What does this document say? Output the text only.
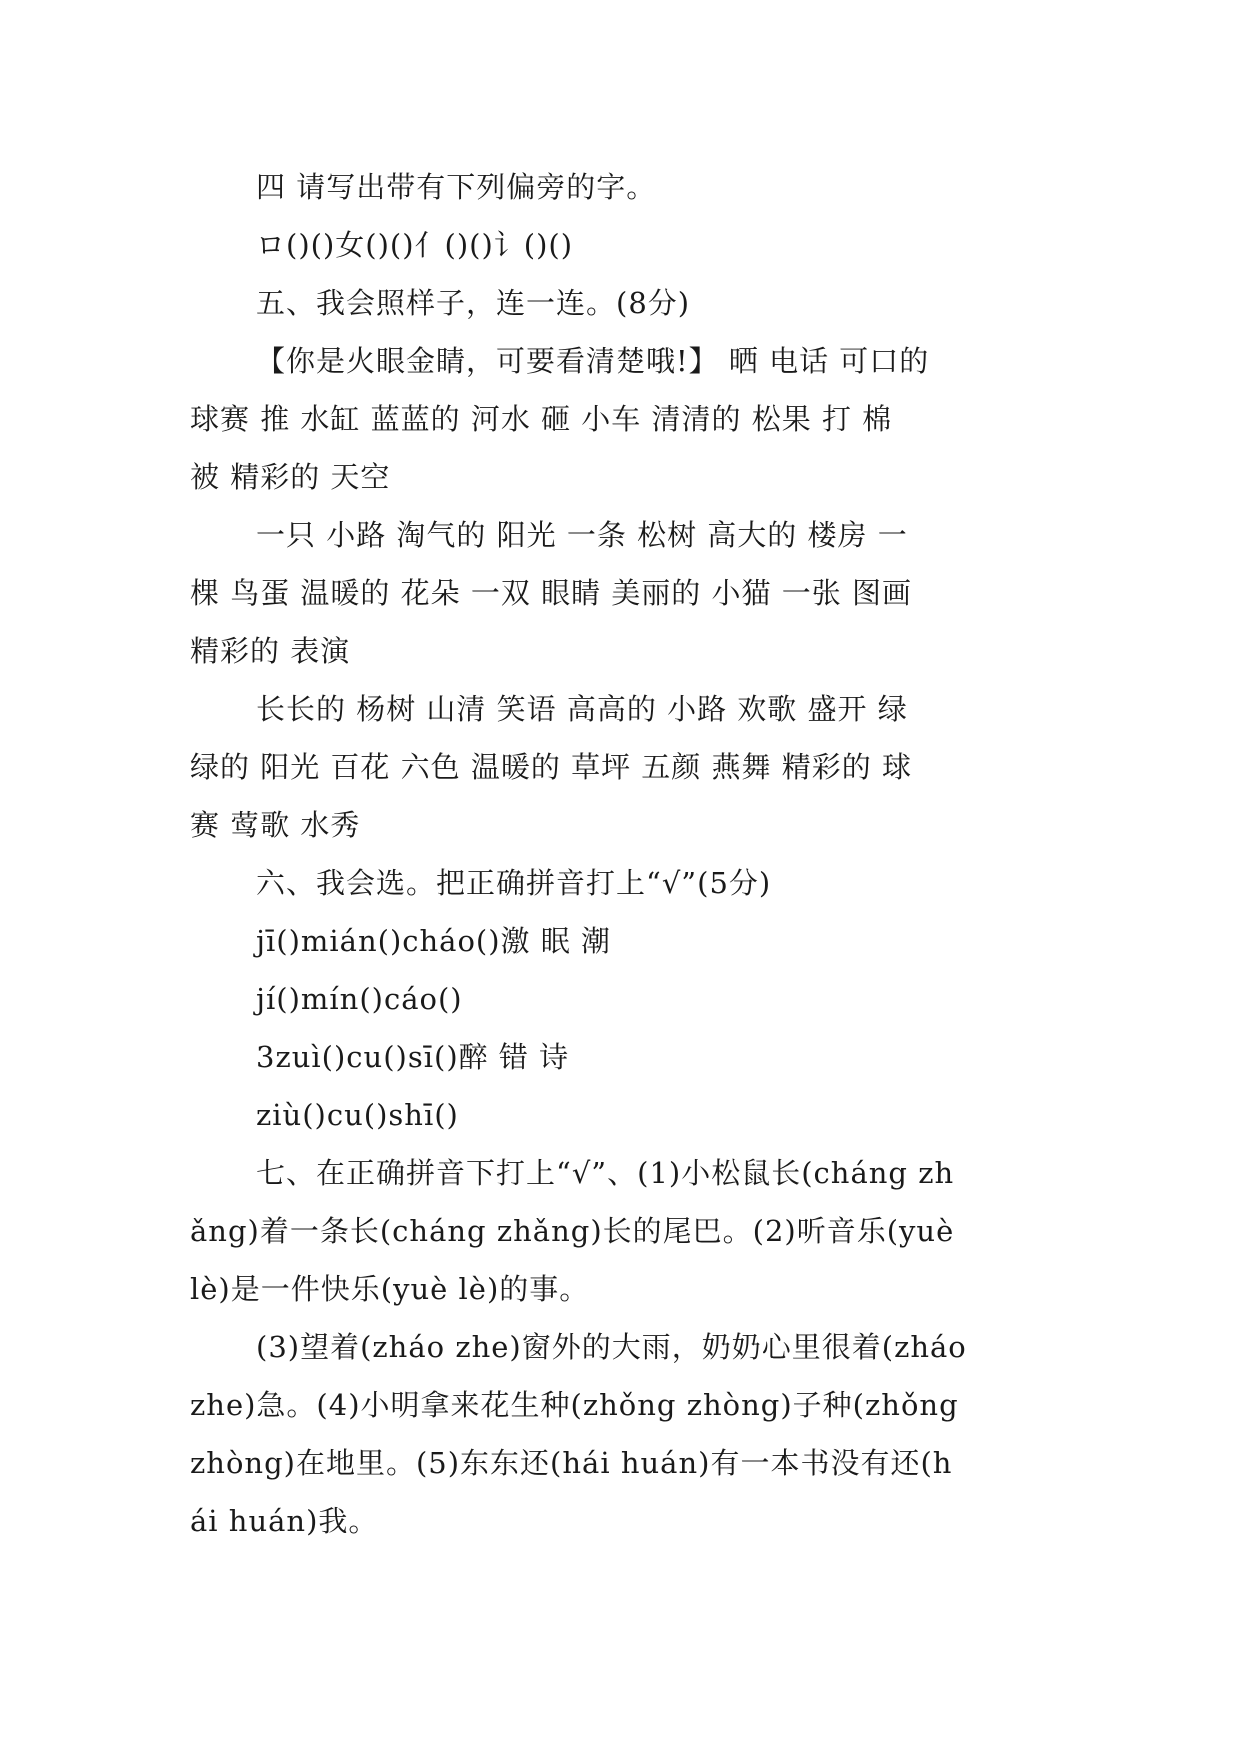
四 请写出带有下列偏旁的字。
ロ()()女()()亻()()讠()()
五、我会照样子，连一连。(8分)
【你是火眼金睛，可要看清楚哦!】 晒 电话 可口的
球赛 推 水缸 蓝蓝的 河水 砸 小车 清清的 松果 打 棉
被 精彩的 天空
一只 小路 淘气的 阳光 一条 松树 高大的 楼房 一
棵 鸟蛋 温暖的 花朵 一双 眼睛 美丽的 小猫 一张 图画
精彩的 表演
长长的 杨树 山清 笑语 高高的 小路 欢歌 盛开 绿
绿的 阳光 百花 六色 温暖的 草坪 五颜 燕舞 精彩的 球
赛 莺歌 水秀
六、我会选。把正确拼音打上“√”(5分)
jī()mián()cháo()激 眠 潮
jí()mín()cáo()
3zuì()cu()sī()醉 错 诗
ziù()cu()shī()
七、在正确拼音下打上“√”、(1)小松鼠长(cháng zh
ǎng)着一条长(cháng zhǎng)长的尾巴。(2)听音乐(yuè
lè)是一件快乐(yuè lè)的事。
(3)望着(zháo zhe)窗外的大雨，奶奶心里很着(zháo
zhe)急。(4)小明拿来花生种(zhǒng zhòng)子种(zhǒng
zhòng)在地里。(5)东东还(hái huán)有一本书没有还(h
ái huán)我。
